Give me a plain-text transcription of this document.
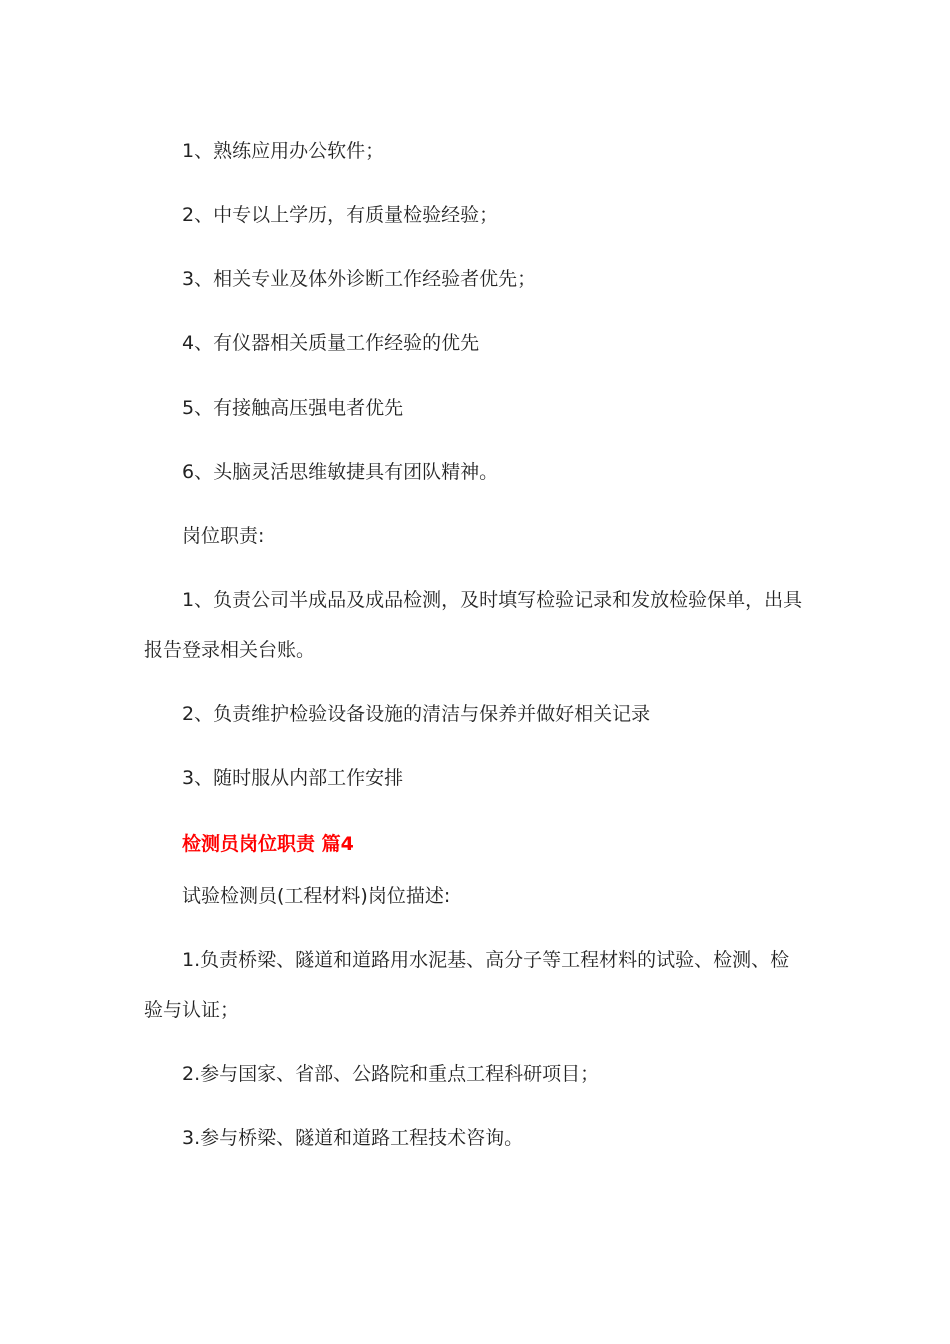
1、熟练应用办公软件；
2、中专以上学历，有质量检验经验；
3、相关专业及体外诊断工作经验者优先；
4、有仪器相关质量工作经验的优先
5、有接触高压强电者优先
6、头脑灵活思维敏捷具有团队精神。
岗位职责:
1、负责公司半成品及成品检测，及时填写检验记录和发放检验保单，出具
报告登录相关台账。
2、负责维护检验设备设施的清洁与保养并做好相关记录
3、随时服从内部工作安排
检测员岗位职责 篇4
试验检测员(工程材料)岗位描述:
1.负责桥梁、隧道和道路用水泥基、高分子等工程材料的试验、检测、检
验与认证；
2.参与国家、省部、公路院和重点工程科研项目；
3.参与桥梁、隧道和道路工程技术咨询。
